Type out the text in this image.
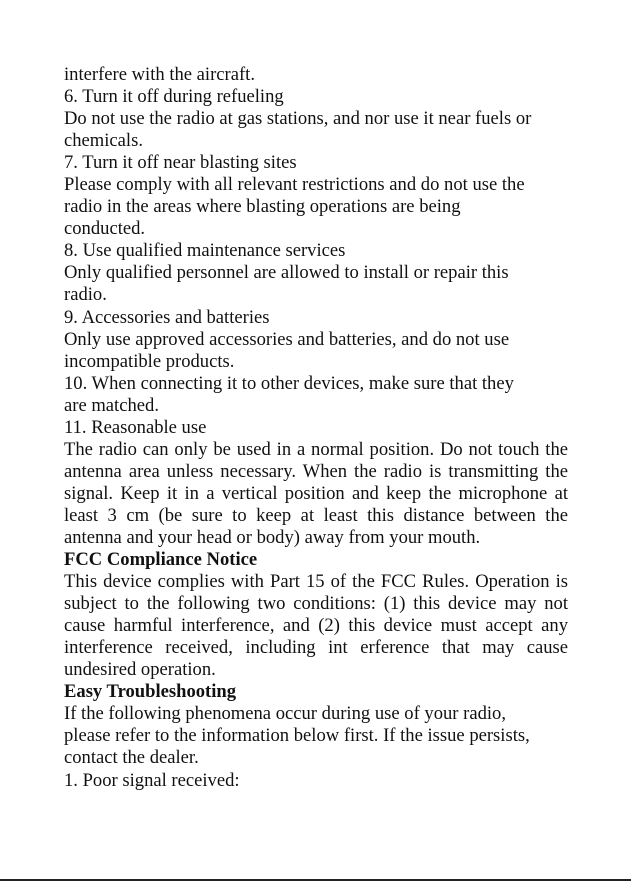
interfere with the aircraft.

6. Turn it off during refueling

Do not use the radio at gas stations, and nor use it near fuels or

chemicals.

7. Turn it off near blasting sites

Please comply with all relevant restrictions and do not use the

radio in the areas where blasting operations are being

conducted.

8. Use qualified maintenance services

Only qualified personnel are allowed to install or repair this

radio.

9. Accessories and batteries

Only use approved accessories and batteries, and do not use

incompatible products.

10. When connecting it to other devices, make sure that they

are matched.

11. Reasonable use

The radio can only be used in a normal position. Do not touch the antenna area unless necessary. When the radio is transmitting the signal. Keep it in a vertical position and keep the microphone at least 3 cm (be sure to keep at least this distance between the antenna and your head or body) away from your mouth.

FCC Compliance Notice

This device complies with Part 15 of the FCC Rules. Operation is subject to the following two conditions: (1) this device may not cause harmful interference, and (2) this device must accept any interference received, including int erference that may cause undesired operation.

Easy Troubleshooting

If the following phenomena occur during use of your radio,

please refer to the information below first. If the issue persists,

contact the dealer.

1. Poor signal received:
